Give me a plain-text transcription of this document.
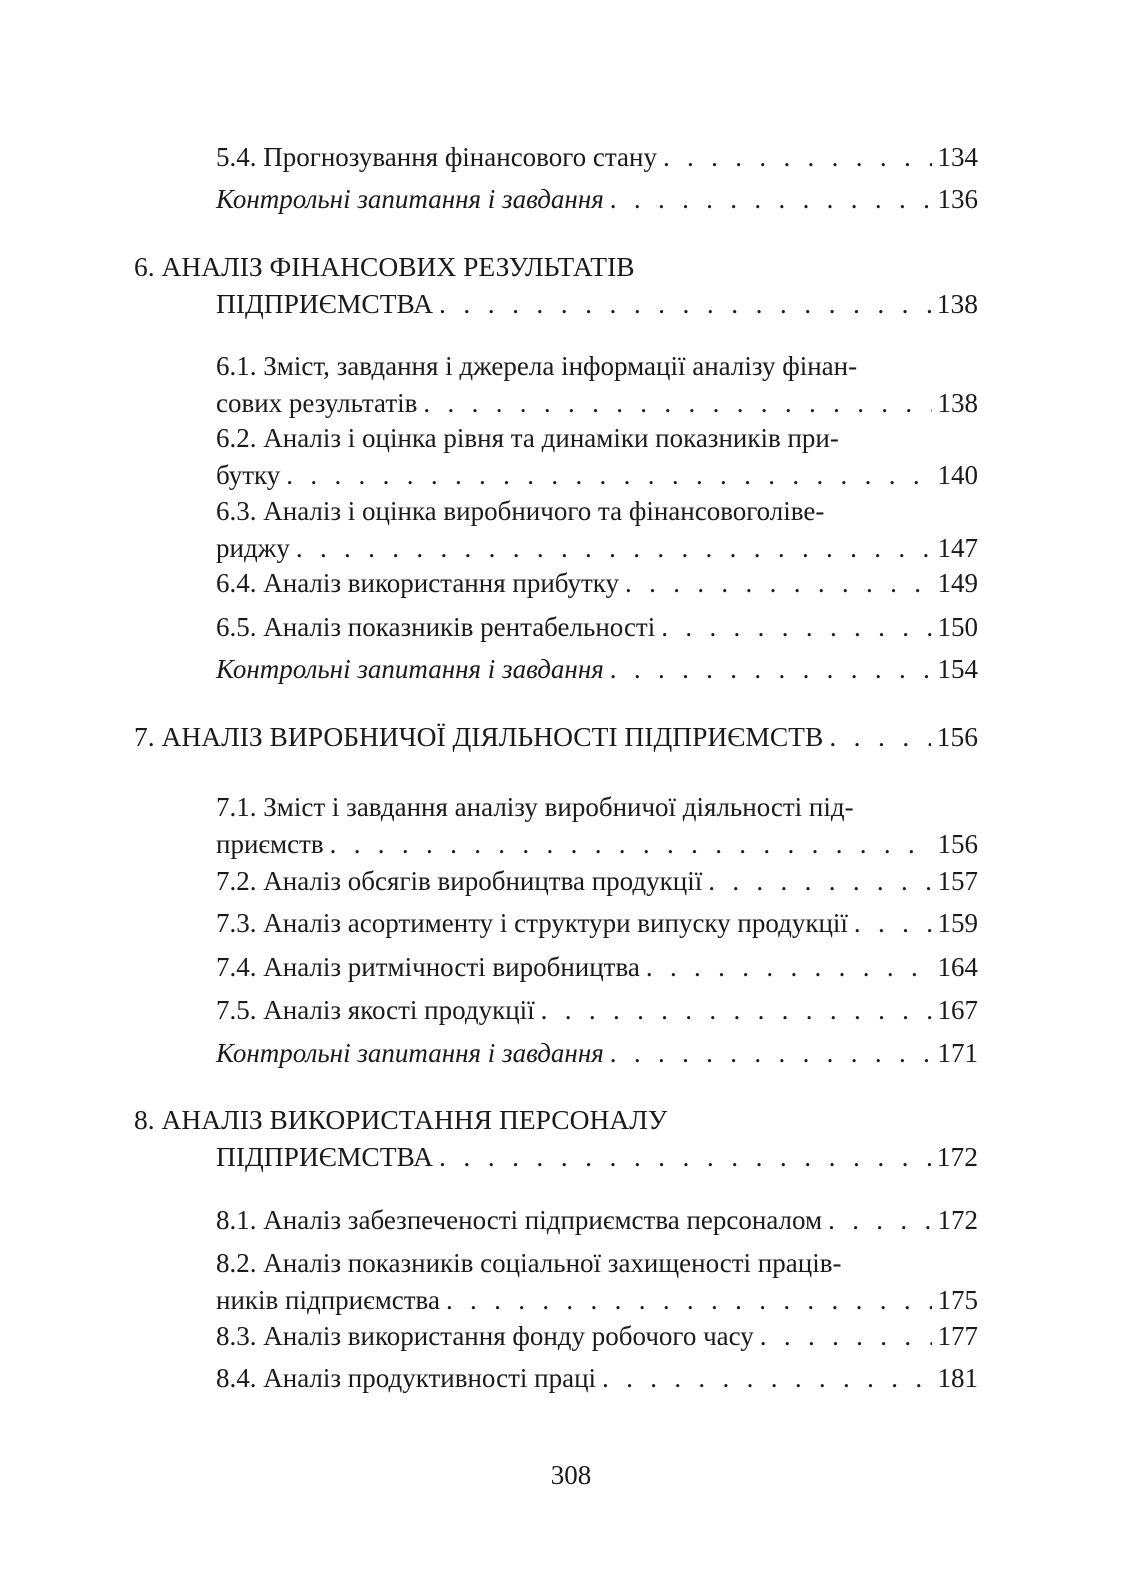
5.4. Прогнозування фінансового стану . . .	134
Контрольні запитання і завдання . . .	136
6. АНАЛІЗ ФІНАНСОВИХ РЕЗУЛЬТАТІВ
ПІДПРИЄМСТВА . . .	138
6.1. Зміст, завдання і джерела інформації аналізу фінан-
сових результатів . . .	138
6.2. Аналіз і оцінка рівня та динаміки показників при-
бутку . . .	140
6.3. Аналіз і оцінка виробничого та фінансовоголіве-
риджу . . .	147
6.4. Аналіз використання прибутку . . .	149
6.5. Аналіз показників рентабельності . . .	150
Контрольні запитання і завдання . . .	154
7. АНАЛІЗ ВИРОБНИЧОЇ ДІЯЛЬНОСТІ ПІДПРИЄМСТВ . . .	156
7.1. Зміст і завдання аналізу виробничої діяльності під-
приємств . . .	156
7.2. Аналіз обсягів виробництва продукції . . .	157
7.3. Аналіз асортименту і структури випуску продукції . . .	159
7.4. Аналіз ритмічності виробництва . . .	164
7.5. Аналіз якості продукції . . .	167
Контрольні запитання і завдання . . .	171
8. АНАЛІЗ ВИКОРИСТАННЯ ПЕРСОНАЛУ
ПІДПРИЄМСТВА . . .	172
8.1. Аналіз забезпеченості підприємства персоналом . . .	172
8.2. Аналіз показників соціальної захищеності праців-
ників підприємства . . .	175
8.3. Аналіз використання фонду робочого часу . . .	177
8.4. Аналіз продуктивності праці . . .	181
308
